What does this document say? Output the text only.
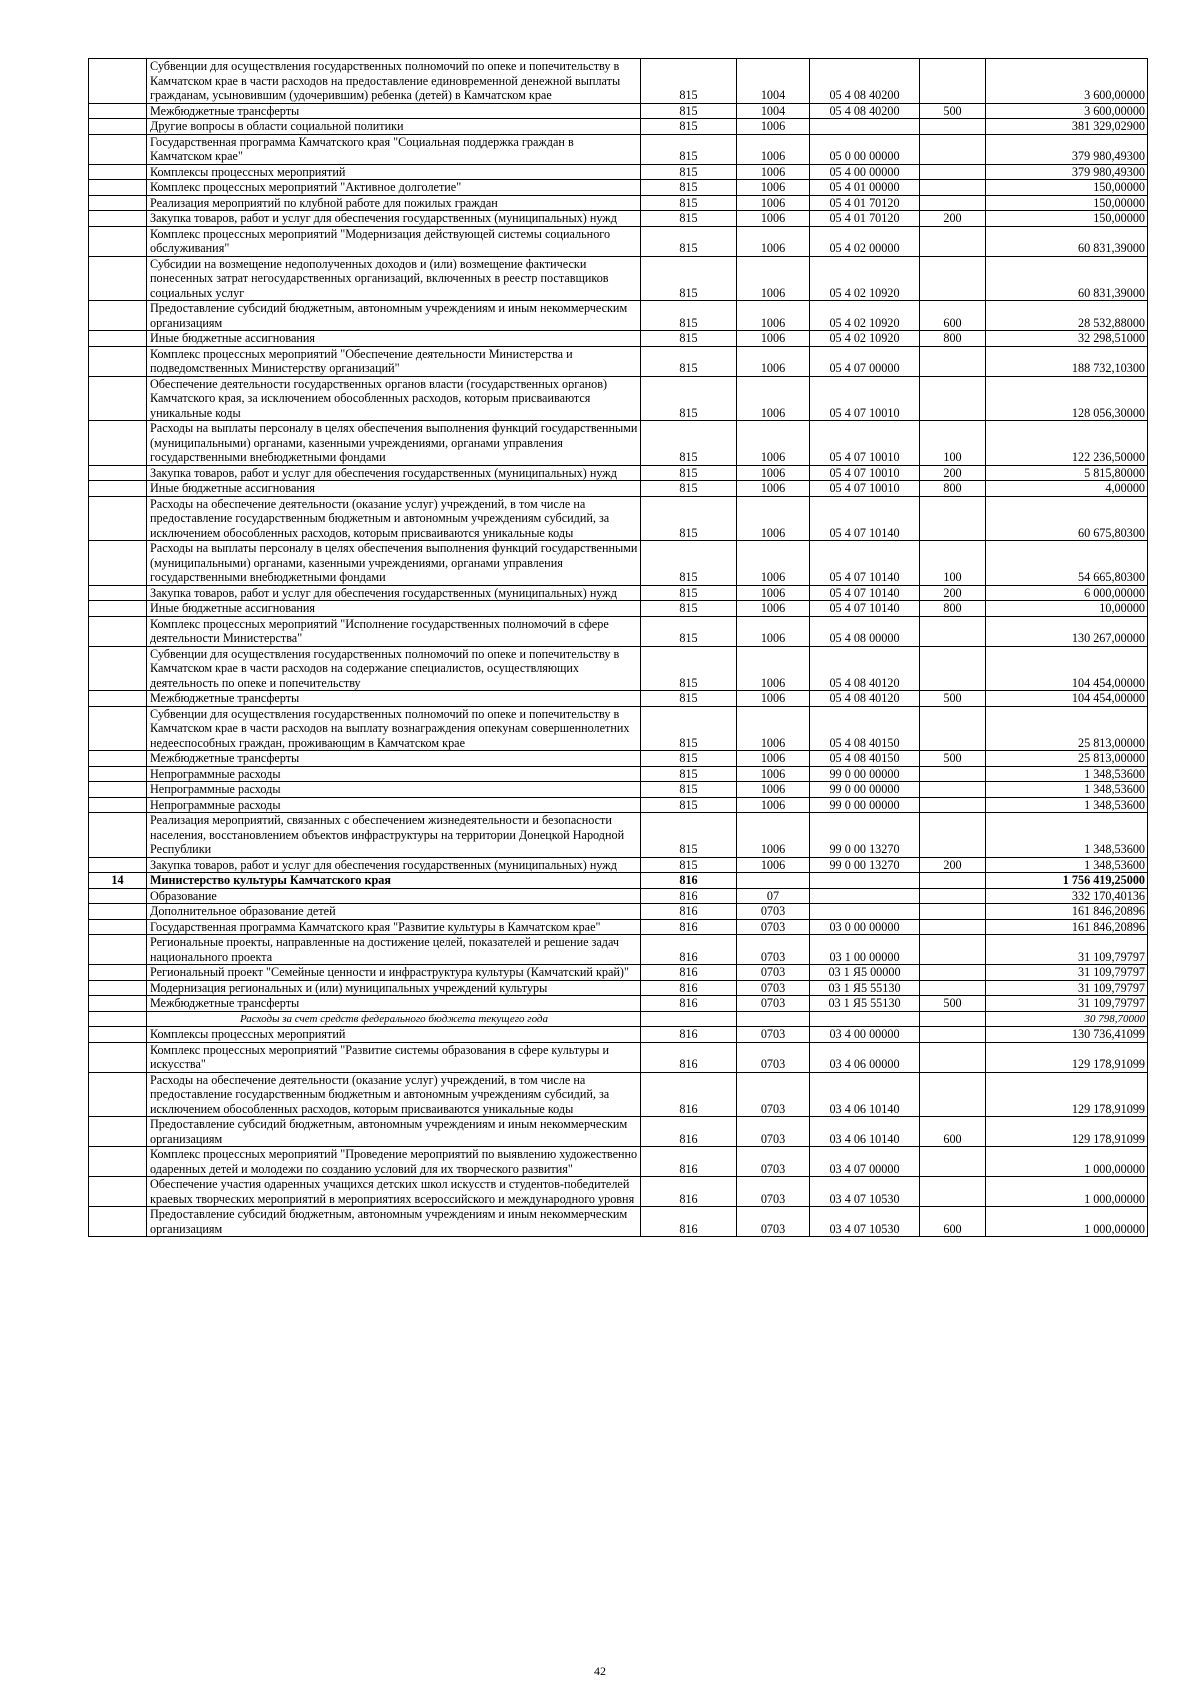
	Субвенции для осуществления государственных полномочий по опеке и попечительству в Камчатском крае в части расходов на предоставление единовременной денежной выплаты гражданам, усыновившим (удочерившим) ребенка (детей) в Камчатском крае	815	1004	05 4 08 40200		3 600,00000
	Межбюджетные трансферты	815	1004	05 4 08 40200	500	3 600,00000
	Другие вопросы в области социальной политики	815	1006			381 329,02900
	Государственная программа Камчатского края "Социальная поддержка граждан в Камчатском крае"	815	1006	05 0 00 00000		379 980,49300
	Комплексы процессных мероприятий	815	1006	05 4 00 00000		379 980,49300
	Комплекс процессных мероприятий "Активное долголетие"	815	1006	05 4 01 00000		150,00000
	Реализация мероприятий по клубной работе для пожилых граждан	815	1006	05 4 01 70120		150,00000
	Закупка товаров, работ и услуг для обеспечения государственных (муниципальных) нужд	815	1006	05 4 01 70120	200	150,00000
	Комплекс процессных мероприятий "Модернизация действующей системы социального обслуживания"	815	1006	05 4 02 00000		60 831,39000
	Субсидии на возмещение недополученных доходов и (или) возмещение фактически понесенных затрат негосударственных организаций, включенных в реестр поставщиков социальных услуг	815	1006	05 4 02 10920		60 831,39000
	Предоставление субсидий бюджетным, автономным учреждениям и иным некоммерческим организациям	815	1006	05 4 02 10920	600	28 532,88000
	Иные бюджетные ассигнования	815	1006	05 4 02 10920	800	32 298,51000
	Комплекс процессных мероприятий "Обеспечение деятельности Министерства и подведомственных Министерству организаций"	815	1006	05 4 07 00000		188 732,10300
	Обеспечение деятельности государственных органов власти (государственных органов) Камчатского края, за исключением обособленных расходов, которым присваиваются уникальные коды	815	1006	05 4 07 10010		128 056,30000
	Расходы на выплаты персоналу в целях обеспечения выполнения функций государственными (муниципальными) органами, казенными учреждениями, органами управления государственными внебюджетными фондами	815	1006	05 4 07 10010	100	122 236,50000
	Закупка товаров, работ и услуг для обеспечения государственных (муниципальных) нужд	815	1006	05 4 07 10010	200	5 815,80000
	Иные бюджетные ассигнования	815	1006	05 4 07 10010	800	4,00000
	Расходы на обеспечение деятельности (оказание услуг) учреждений, в том числе на предоставление государственным бюджетным и автономным учреждениям субсидий, за исключением обособленных расходов, которым присваиваются уникальные коды	815	1006	05 4 07 10140		60 675,80300
	Расходы на выплаты персоналу в целях обеспечения выполнения функций государственными (муниципальными) органами, казенными учреждениями, органами управления государственными внебюджетными фондами	815	1006	05 4 07 10140	100	54 665,80300
	Закупка товаров, работ и услуг для обеспечения государственных (муниципальных) нужд	815	1006	05 4 07 10140	200	6 000,00000
	Иные бюджетные ассигнования	815	1006	05 4 07 10140	800	10,00000
	Комплекс процессных мероприятий "Исполнение государственных полномочий в сфере деятельности Министерства"	815	1006	05 4 08 00000		130 267,00000
	Субвенции для осуществления государственных полномочий по опеке и попечительству в Камчатском крае в части расходов на содержание специалистов, осуществляющих деятельность по опеке и попечительству	815	1006	05 4 08 40120		104 454,00000
	Межбюджетные трансферты	815	1006	05 4 08 40120	500	104 454,00000
	Субвенции для осуществления государственных полномочий по опеке и попечительству в Камчатском крае в части расходов на выплату вознаграждения опекунам совершеннолетних недееспособных граждан, проживающим в Камчатском крае	815	1006	05 4 08 40150		25 813,00000
	Межбюджетные трансферты	815	1006	05 4 08 40150	500	25 813,00000
	Непрограммные расходы	815	1006	99 0 00 00000		1 348,53600
	Непрограммные расходы	815	1006	99 0 00 00000		1 348,53600
	Непрограммные расходы	815	1006	99 0 00 00000		1 348,53600
	Реализация мероприятий, связанных с обеспечением жизнедеятельности и безопасности населения, восстановлением объектов инфраструктуры на территории Донецкой Народной Республики	815	1006	99 0 00 13270		1 348,53600
	Закупка товаров, работ и услуг для обеспечения государственных (муниципальных) нужд	815	1006	99 0 00 13270	200	1 348,53600
14	Министерство культуры Камчатского края	816				1 756 419,25000
	Образование	816	07			332 170,40136
	Дополнительное образование детей	816	0703			161 846,20896
	Государственная программа Камчатского края "Развитие культуры в Камчатском крае"	816	0703	03 0 00 00000		161 846,20896
	Региональные проекты, направленные на достижение целей, показателей и решение задач национального проекта	816	0703	03 1 00 00000		31 109,79797
	Региональный проект "Семейные ценности и инфраструктура культуры (Камчатский край)"	816	0703	03 1 Я5 00000		31 109,79797
	Модернизация региональных и (или) муниципальных учреждений культуры	816	0703	03 1 Я5 55130		31 109,79797
	Межбюджетные трансферты	816	0703	03 1 Я5 55130	500	31 109,79797
	Расходы за счет средств федерального бюджета текущего года					30 798,70000
	Комплексы процессных мероприятий	816	0703	03 4 00 00000		130 736,41099
	Комплекс процессных мероприятий "Развитие системы образования в сфере культуры и искусства"	816	0703	03 4 06 00000		129 178,91099
	Расходы на обеспечение деятельности (оказание услуг) учреждений, в том числе на предоставление государственным бюджетным и автономным учреждениям субсидий, за исключением обособленных расходов, которым присваиваются уникальные коды	816	0703	03 4 06 10140		129 178,91099
	Предоставление субсидий бюджетным, автономным учреждениям и иным некоммерческим организациям	816	0703	03 4 06 10140	600	129 178,91099
	Комплекс процессных мероприятий "Проведение мероприятий по выявлению художественно одаренных детей и молодежи по созданию условий для их творческого развития"	816	0703	03 4 07 00000		1 000,00000
	Обеспечение участия одаренных учащихся детских школ искусств и студентов-победителей краевых творческих мероприятий в мероприятиях всероссийского и международного уровня	816	0703	03 4 07 10530		1 000,00000
	Предоставление субсидий бюджетным, автономным учреждениям и иным некоммерческим организациям	816	0703	03 4 07 10530	600	1 000,00000
42
